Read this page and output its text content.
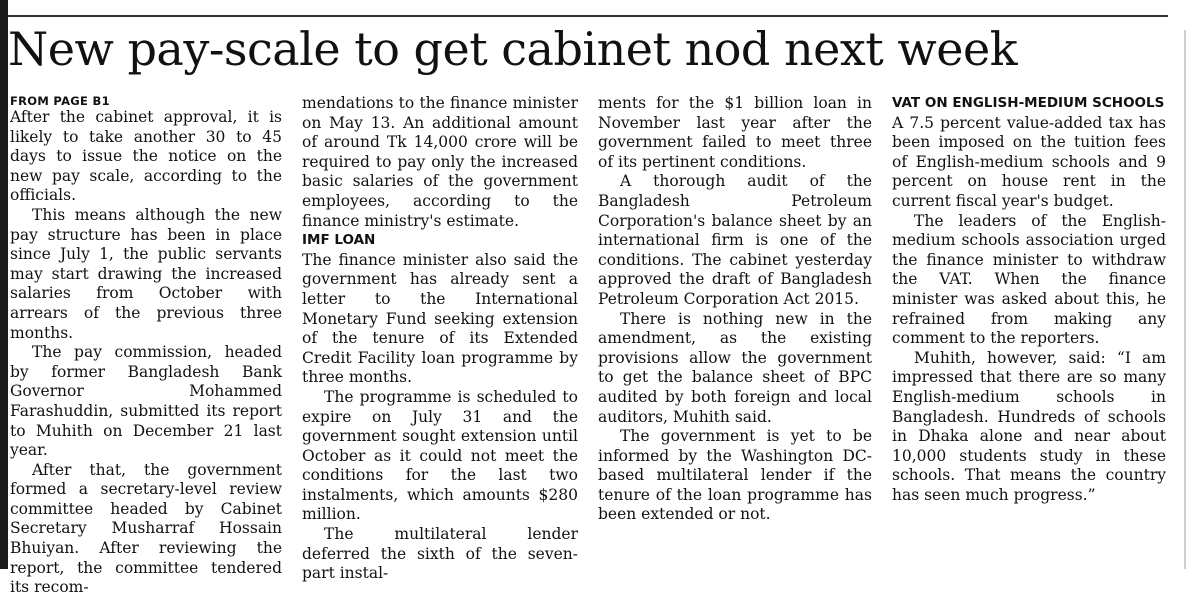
New pay-scale to get cabinet nod next week
FROM PAGE B1

After the cabinet approval, it is likely to take another 30 to 45 days to issue the notice on the new pay scale, according to the officials.

This means although the new pay structure has been in place since July 1, the public servants may start drawing the increased salaries from October with arrears of the previous three months.

The pay commission, headed by former Bangladesh Bank Governor Mohammed Farashuddin, submitted its report to Muhith on December 21 last year.

After that, the government formed a secretary-level review committee headed by Cabinet Secretary Musharraf Hossain Bhuiyan. After reviewing the report, the committee tendered its recom-

mendations to the finance minister on May 13. An additional amount of around Tk 14,000 crore will be required to pay only the increased basic salaries of the government employees, according to the finance ministry's estimate.

IMF LOAN

The finance minister also said the government has already sent a letter to the International Monetary Fund seeking extension of the tenure of its Extended Credit Facility loan programme by three months.

The programme is scheduled to expire on July 31 and the government sought extension until October as it could not meet the conditions for the last two instalments, which amounts $280 million.

The multilateral lender deferred the sixth of the seven-part instal-

ments for the $1 billion loan in November last year after the government failed to meet three of its pertinent conditions.

A thorough audit of the Bangladesh Petroleum Corporation's balance sheet by an international firm is one of the conditions. The cabinet yesterday approved the draft of Bangladesh Petroleum Corporation Act 2015.

There is nothing new in the amendment, as the existing provisions allow the government to get the balance sheet of BPC audited by both foreign and local auditors, Muhith said.

The government is yet to be informed by the Washington DC-based multilateral lender if the tenure of the loan programme has been extended or not.

VAT ON ENGLISH-MEDIUM SCHOOLS

A 7.5 percent value-added tax has been imposed on the tuition fees of English-medium schools and 9 percent on house rent in the current fiscal year's budget.

The leaders of the English-medium schools association urged the finance minister to withdraw the VAT. When the finance minister was asked about this, he refrained from making any comment to the reporters.

Muhith, however, said: “I am impressed that there are so many English-medium schools in Bangladesh. Hundreds of schools in Dhaka alone and near about 10,000 students study in these schools. That means the country has seen much progress.”
